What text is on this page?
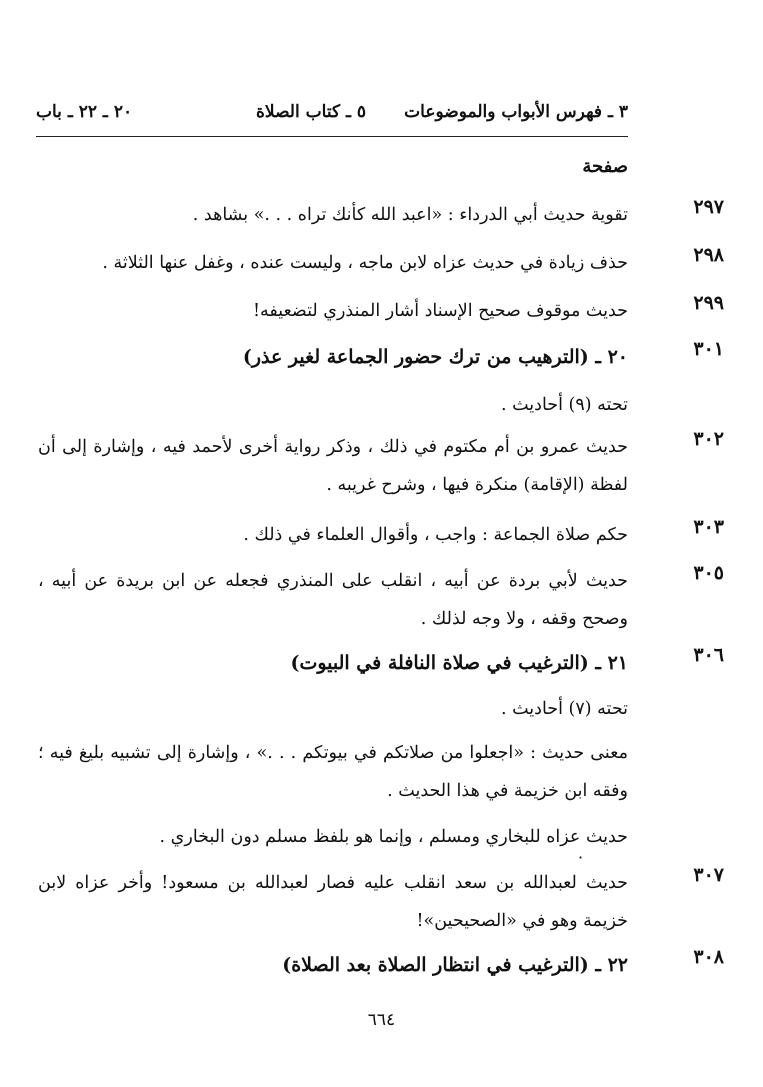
٣ ـ فهرس الأبواب والموضوعات
٥ ـ كتاب الصلاة
٢٠ ـ ٢٢ ـ باب
صفحة
٢٩٧
تقوية حديث أبي الدرداء : «اعبد الله كأنك تراه . . .» بشاهد .
٢٩٨
حذف زيادة في حديث عزاه لابن ماجه ، وليست عنده ، وغفل عنها الثلاثة .
٢٩٩
حديث موقوف صحيح الإسناد أشار المنذري لتضعيفه!
٣٠١
٢٠ ـ (الترهيب من ترك حضور الجماعة لغير عذر)
تحته (٩) أحاديث .
٣٠٢
حديث عمرو بن أم مكتوم في ذلك ، وذكر رواية أخرى لأحمد فيه ، وإشارة إلى أن لفظة (الإقامة) منكرة فيها ، وشرح غريبه .
٣٠٣
حكم صلاة الجماعة : واجب ، وأقوال العلماء في ذلك .
٣٠٥
حديث لأبي بردة عن أبيه ، انقلب على المنذري فجعله عن ابن بريدة عن أبيه ، وصحح وقفه ، ولا وجه لذلك .
٣٠٦
٢١ ـ (الترغيب في صلاة النافلة في البيوت)
تحته (٧) أحاديث .
معنى حديث : «اجعلوا من صلاتكم في بيوتكم . . .» ، وإشارة إلى تشبيه بليغ فيه ؛ وفقه ابن خزيمة في هذا الحديث .
حديث عزاه للبخاري ومسلم ، وإنما هو بلفظ مسلم دون البخاري .
·
٣٠٧
حديث لعبدالله بن سعد انقلب عليه فصار لعبدالله بن مسعود! وأخر عزاه لابن خزيمة وهو في «الصحيحين»!
٣٠٨
٢٢ ـ (الترغيب في انتظار الصلاة بعد الصلاة)
٦٦٤
